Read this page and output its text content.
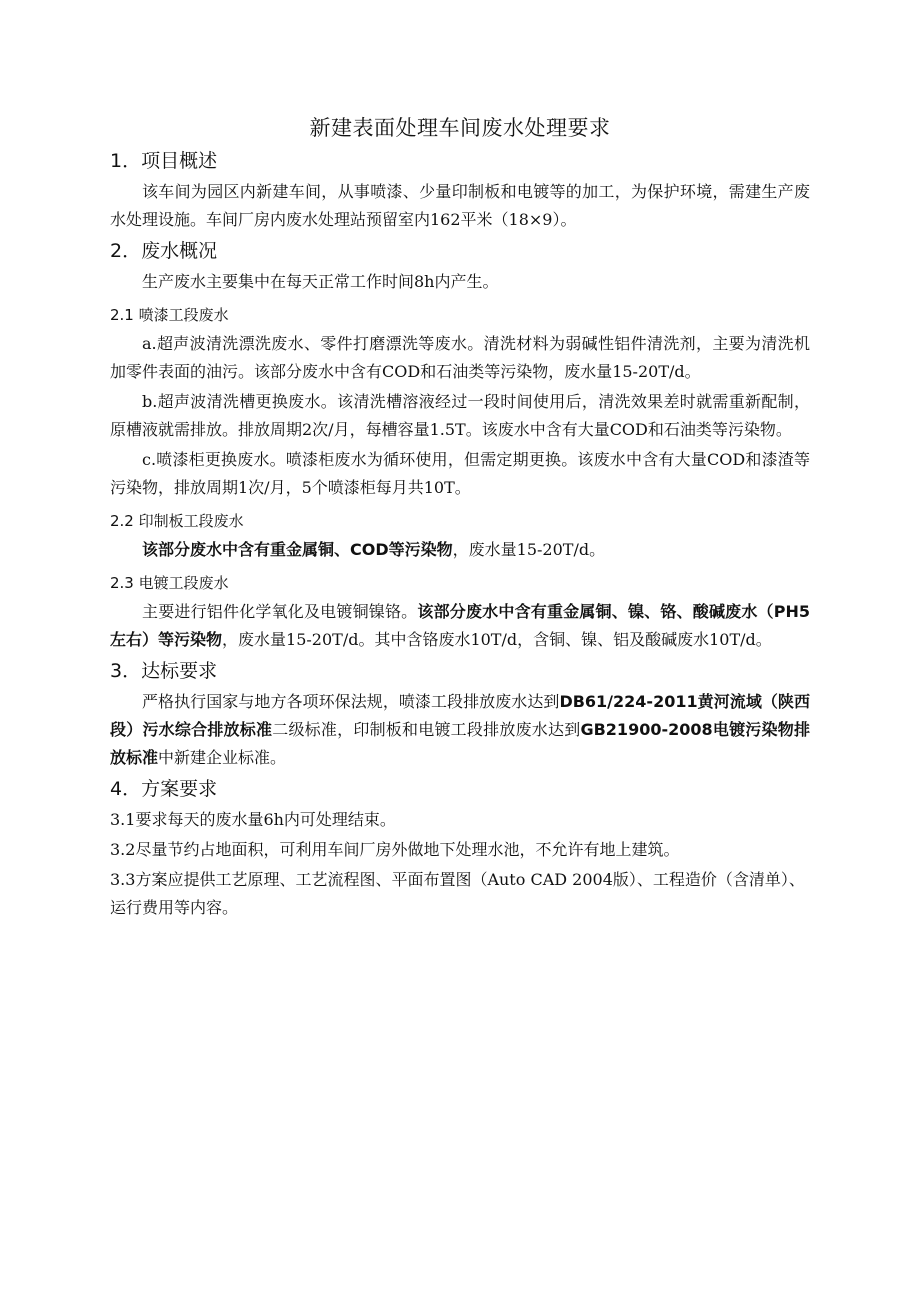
新建表面处理车间废水处理要求
1．项目概述

该车间为园区内新建车间，从事喷漆、少量印制板和电镀等的加工，为保护环境，需建生产废水处理设施。车间厂房内废水处理站预留室内162平米（18×9）。

2．废水概况

生产废水主要集中在每天正常工作时间8h内产生。

2.1 喷漆工段废水

a.超声波清洗漂洗废水、零件打磨漂洗等废水。清洗材料为弱碱性铝件清洗剂，主要为清洗机加零件表面的油污。该部分废水中含有COD和石油类等污染物，废水量15-20T/d。

b.超声波清洗槽更换废水。该清洗槽溶液经过一段时间使用后，清洗效果差时就需重新配制，原槽液就需排放。排放周期2次/月，每槽容量1.5T。该废水中含有大量COD和石油类等污染物。

c.喷漆柜更换废水。喷漆柜废水为循环使用，但需定期更换。该废水中含有大量COD和漆渣等污染物，排放周期1次/月，5个喷漆柜每月共10T。

2.2 印制板工段废水

该部分废水中含有重金属铜、COD等污染物，废水量15-20T/d。

2.3 电镀工段废水

主要进行铝件化学氧化及电镀铜镍铬。该部分废水中含有重金属铜、镍、铬、酸碱废水（PH5左右）等污染物，废水量15-20T/d。其中含铬废水10T/d，含铜、镍、铝及酸碱废水10T/d。

3．达标要求

严格执行国家与地方各项环保法规，喷漆工段排放废水达到DB61/224-2011黄河流域（陕西段）污水综合排放标准二级标准，印制板和电镀工段排放废水达到GB21900-2008电镀污染物排放标准中新建企业标准。

4．方案要求

3.1要求每天的废水量6h内可处理结束。

3.2尽量节约占地面积，可利用车间厂房外做地下处理水池，不允许有地上建筑。

3.3方案应提供工艺原理、工艺流程图、平面布置图（Auto CAD 2004版）、工程造价（含清单）、运行费用等内容。
